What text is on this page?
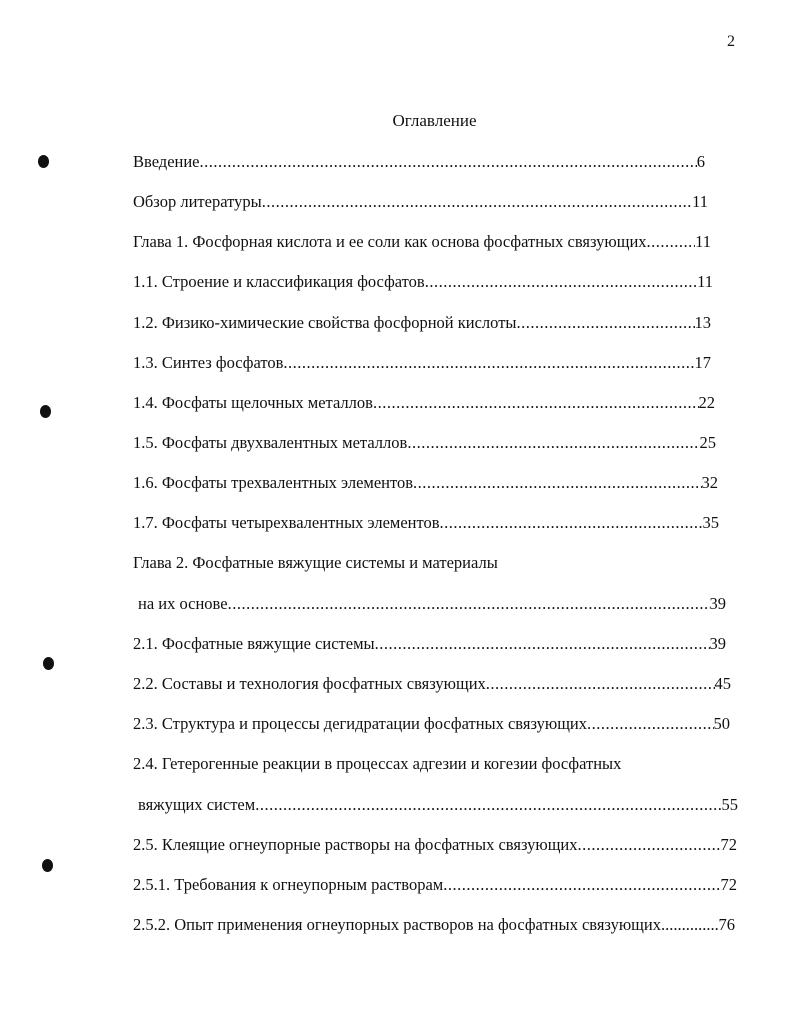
2
Оглавление
Введение .....	6
Обзор литературы .....	11
Глава 1. Фосфорная кислота и ее соли как основа фосфатных связующих .....	11
1.1. Строение и классификация фосфатов .....	11
1.2. Физико-химические свойства фосфорной кислоты .....	13
1.3. Синтез фосфатов .....	17
1.4. Фосфаты щелочных металлов .....	22
1.5. Фосфаты двухвалентных металлов .....	25
1.6. Фосфаты трехвалентных элементов .....	32
1.7. Фосфаты четырехвалентных элементов .....	35
Глава 2. Фосфатные вяжущие системы и материалы
на их основе .....	39
2.1. Фосфатные вяжущие системы .....	39
2.2. Составы и технология фосфатных связующих .....	45
2.3. Структура и процессы дегидратации фосфатных связующих .....	50
2.4. Гетерогенные реакции в процессах адгезии и когезии фосфатных
вяжущих систем .....	55
2.5. Клеящие огнеупорные растворы на фосфатных связующих .....	72
2.5.1. Требования к огнеупорным растворам .....	72
2.5.2. Опыт применения огнеупорных растворов на фосфатных связующих .....	76
